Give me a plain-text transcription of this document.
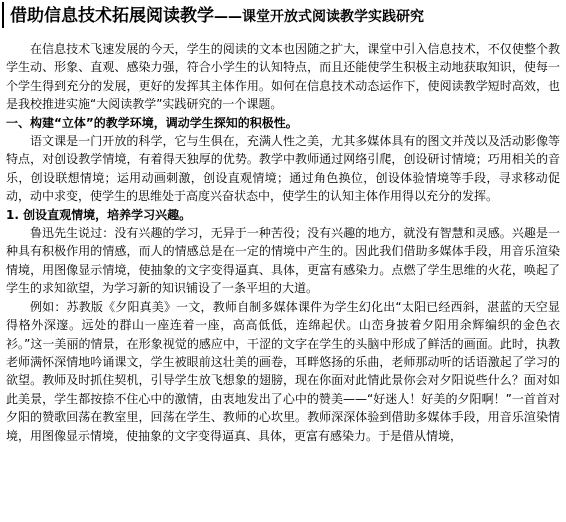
借助信息技术拓展阅读教学——课堂开放式阅读教学实践研究

在信息技术飞速发展的今天，学生的阅读的文本也因随之扩大，课堂中引入信息技术，不仅使整个教学生动、形象、直观、感染力强，符合小学生的认知特点，而且还能使学生积极主动地获取知识，使每一个学生得到充分的发展，更好的发挥其主体作用。如何在信息技术动态运作下，使阅读教学短时高效，也是我校推进实施“大阅读教学”实践研究的一个课题。

一、构建“立体”的教学环境，调动学生探知的积极性。

语文课是一门开放的科学，它与生俱在，充满人性之美，尤其多媒体具有的图文并茂以及活动影像等特点，对创设教学情境，有着得天独厚的优势。教学中教师通过网络引爬，创设研讨情境；巧用相关的音乐，创设联想情境；运用动画刺激，创设直观情境；通过角色换位，创设体验情境等手段，寻求移动促动，动中求变，使学生的思维处于高度兴奋状态中，使学生的认知主体作用得以充分的发挥。

1. 创设直观情境，培养学习兴趣。

鲁迅先生说过：没有兴趣的学习，无异于一种苦役；没有兴趣的地方，就没有智慧和灵感。兴趣是一种具有积极作用的情感，而人的情感总是在一定的情境中产生的。因此我们借助多媒体手段，用音乐渲染情境，用图像显示情境，使抽象的文字变得逼真、具体，更富有感染力。点燃了学生思维的火花，唤起了学生的求知欲望，为学习新的知识铺设了一条平坦的大道。

例如：苏教版《夕阳真美》一文，教师自制多媒体课件为学生幻化出“太阳已经西斜，湛蓝的天空显得格外深邃。远处的群山一座连着一座，高高低低，连绵起伏。山峦身披着夕阳用余辉编织的金色衣衫。”这一美丽的情景，在形象视觉的感应中，干涩的文字在学生的头脑中形成了鲜活的画面。此时，执教老师满怀深情地吟诵课文，学生被眼前这壮美的画卷，耳畔悠扬的乐曲，老师那动听的话语激起了学习的欲望。教师及时抓住契机，引导学生放飞想象的翅膀，现在你面对此情此景你会对夕阳说些什么？面对如此美景，学生都按捺不住心中的激情，由衷地发出了心中的赞美——“好迷人！好美的夕阳啊！”一首首对夕阳的赞歌回荡在教室里，回荡在学生、教师的心坎里。教师深深体验到借助多媒体手段，用音乐渲染情境，用图像显示情境，使抽象的文字变得逼真、具体，更富有感染力。于是借从情境，
